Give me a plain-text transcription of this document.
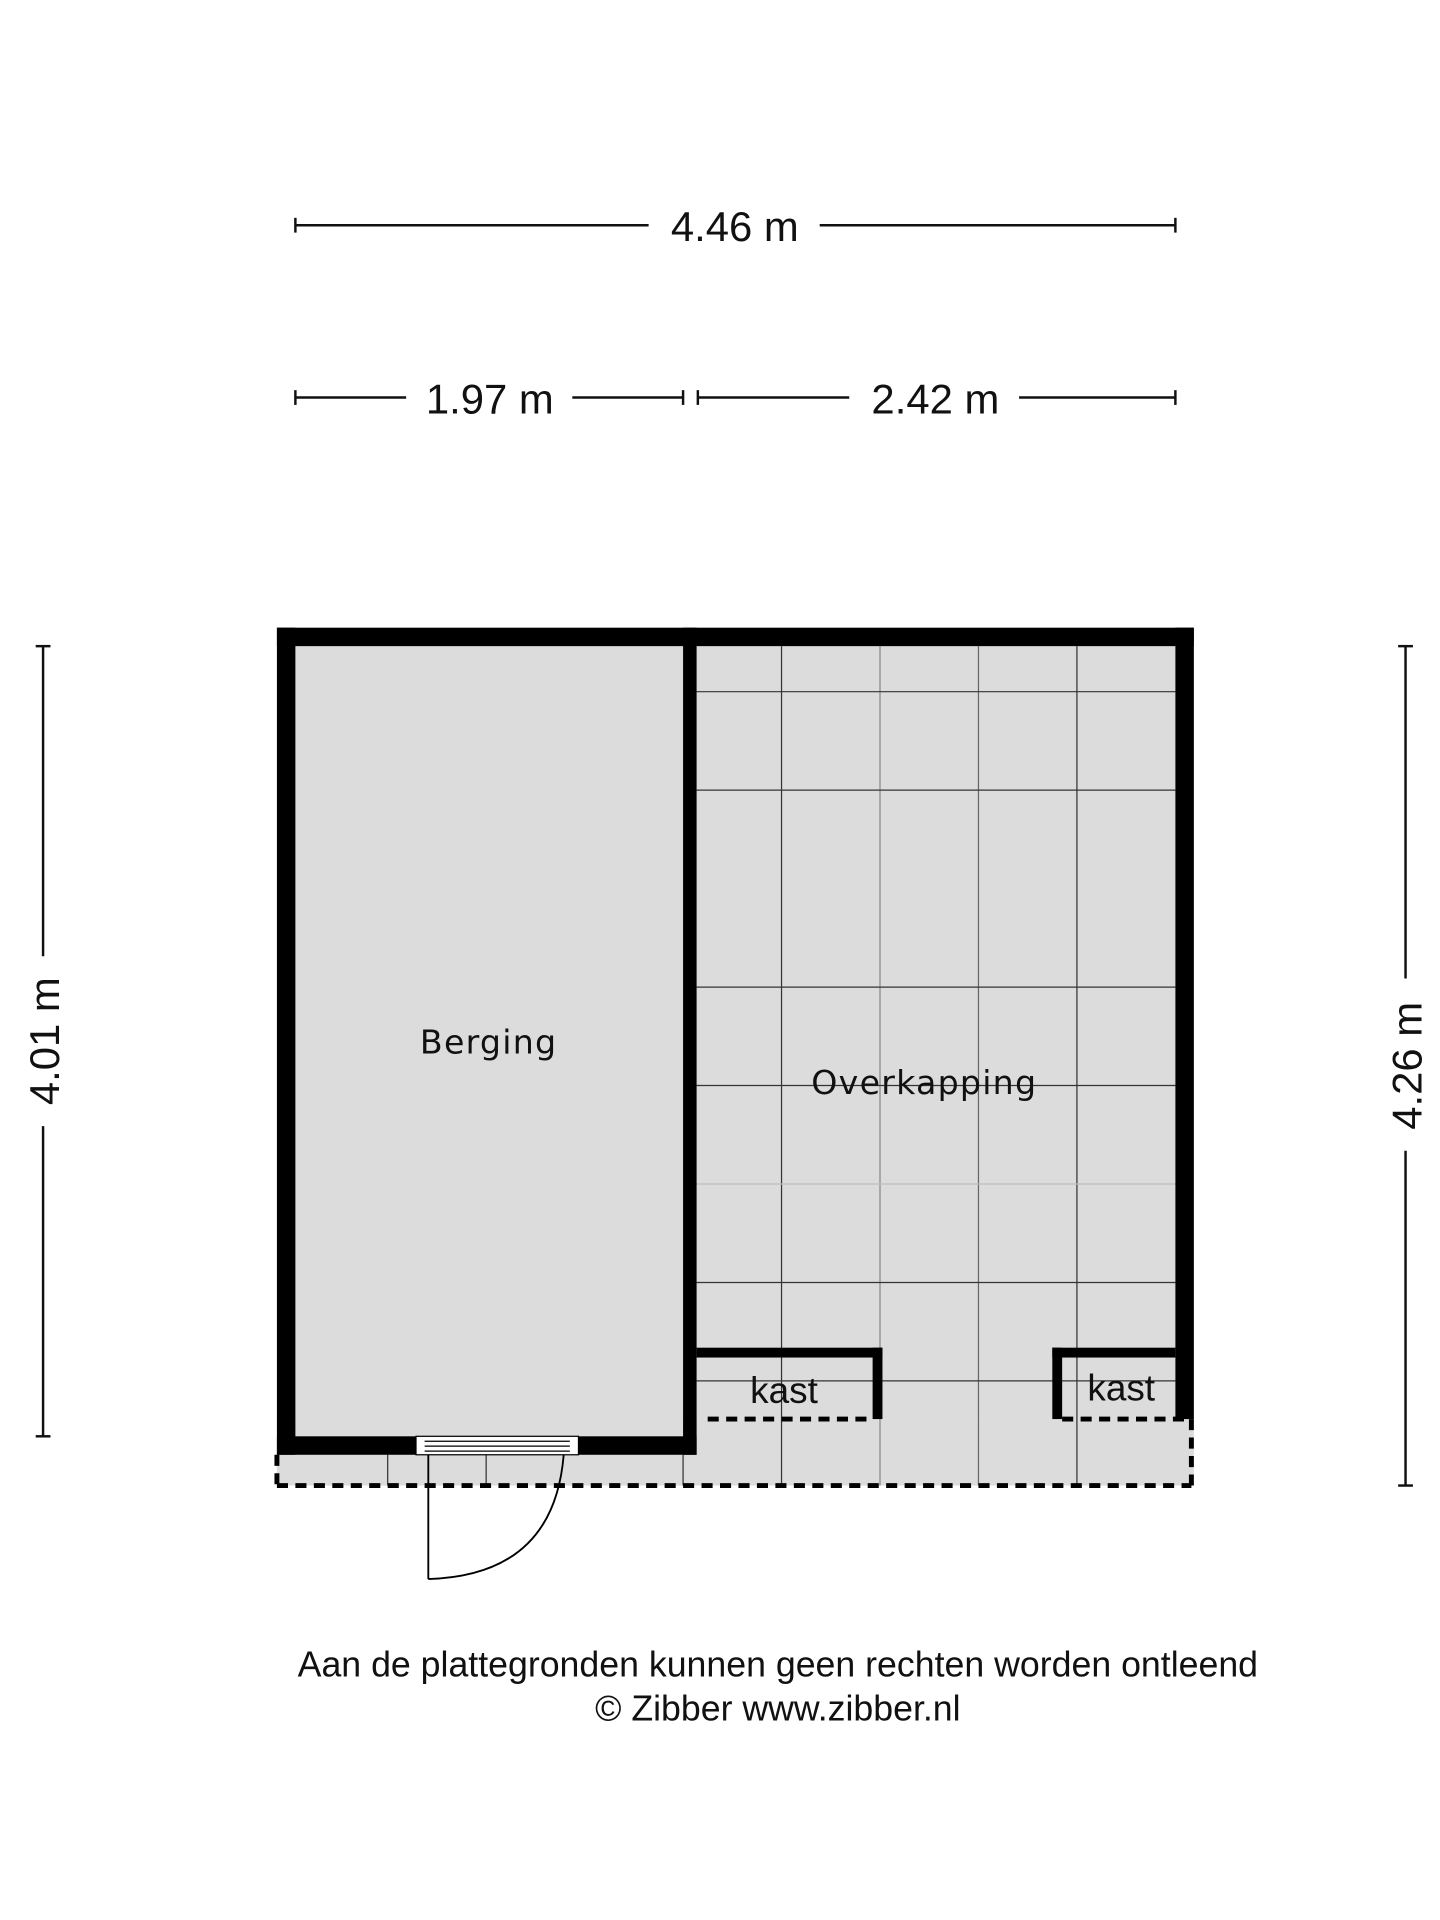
4.46 m
1.97 m	2.42 m
4.01 m	4.26 m
Berging
Overkapping
kast	kast
Aan de plattegronden kunnen geen rechten worden ontleend
© Zibber www.zibber.nl
